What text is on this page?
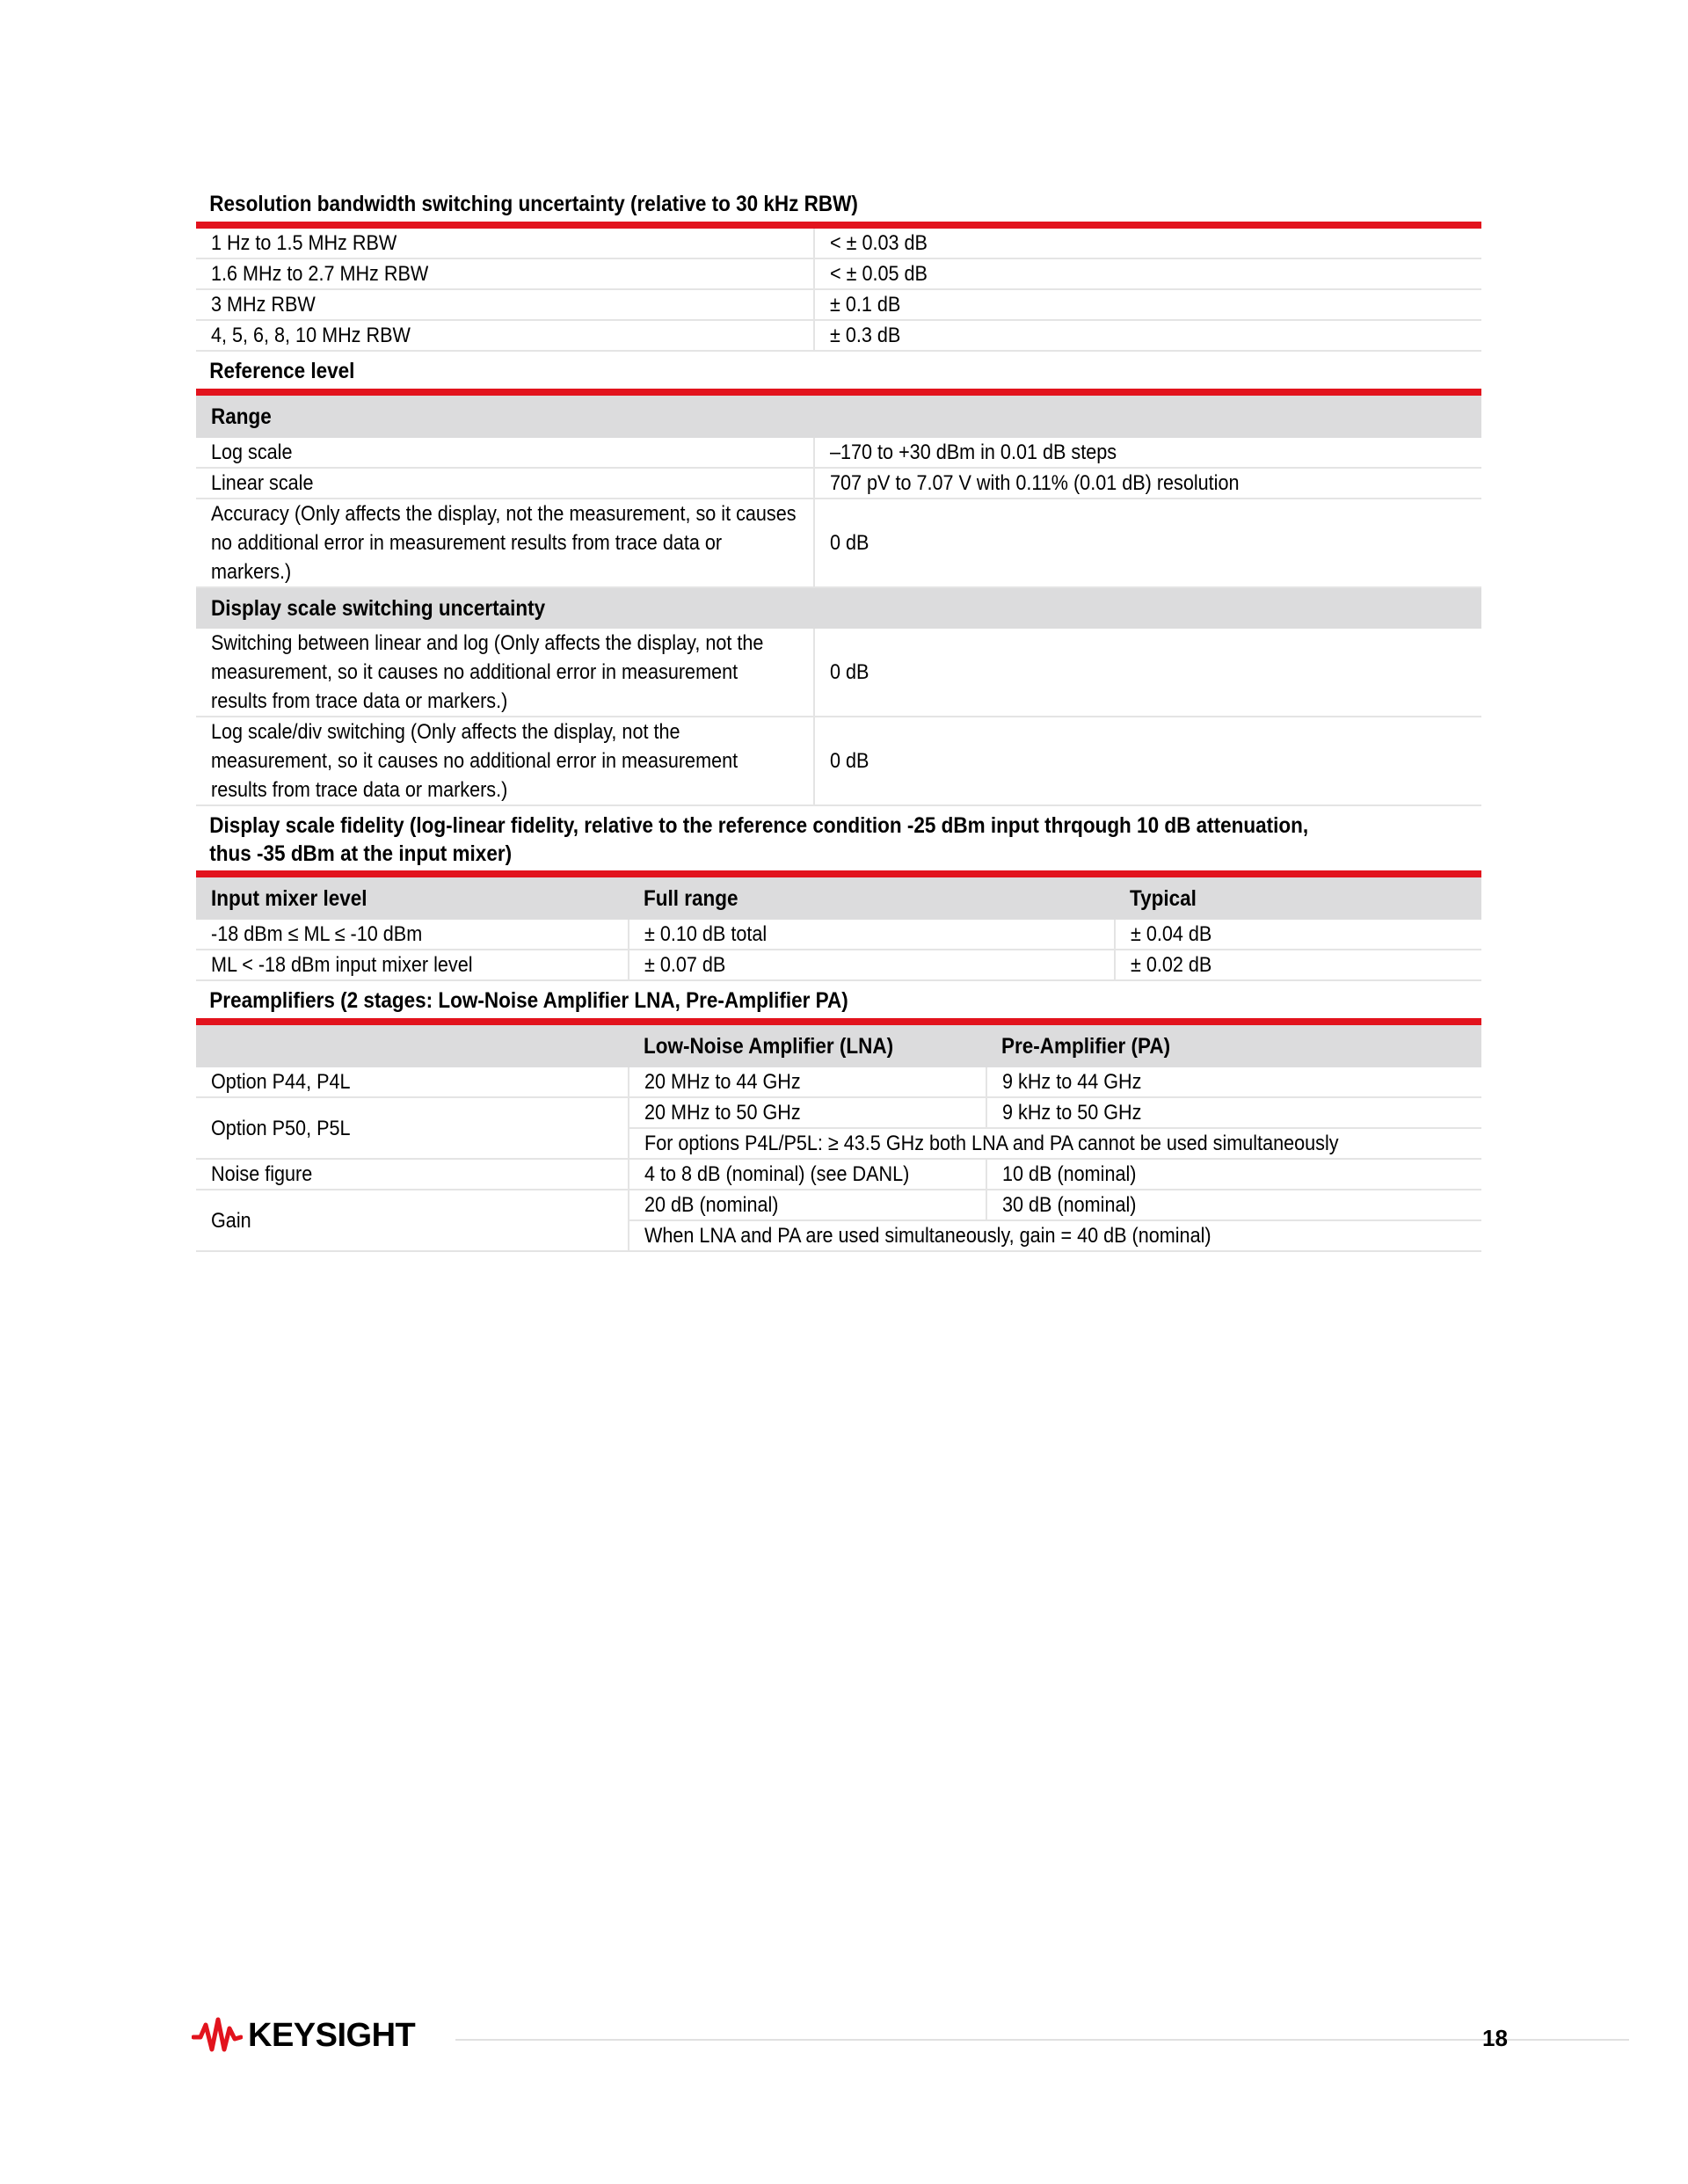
Resolution bandwidth switching uncertainty (relative to 30 kHz RBW)
1 Hz to 1.5 MHz RBW	< ± 0.03 dB
1.6 MHz to 2.7 MHz RBW	< ± 0.05 dB
3 MHz RBW	± 0.1 dB
4, 5, 6, 8, 10 MHz RBW	± 0.3 dB
Reference level
Range	
Log scale	–170 to +30 dBm in 0.01 dB steps
Linear scale	707 pV to 7.07 V with 0.11% (0.01 dB) resolution
Accuracy (Only affects the display, not the measurement, so it causes no additional error in measurement results from trace data or markers.)	0 dB
Display scale switching uncertainty	
Switching between linear and log (Only affects the display, not the measurement, so it causes no additional error in measurement results from trace data or markers.)	0 dB
Log scale/div switching (Only affects the display, not the measurement, so it causes no additional error in measurement results from trace data or markers.)	0 dB
Display scale fidelity (log-linear fidelity, relative to the reference condition -25 dBm input thrqough 10 dB attenuation,
thus -35 dBm at the input mixer)
Input mixer level	Full range	Typical
-18 dBm ≤ ML ≤ -10 dBm	± 0.10 dB total	± 0.04 dB
ML < -18 dBm input mixer level	± 0.07 dB	± 0.02 dB
Preamplifiers (2 stages: Low-Noise Amplifier LNA, Pre-Amplifier PA)
	Low-Noise Amplifier (LNA)	Pre-Amplifier (PA)
Option P44, P4L	20 MHz to 44 GHz	9 kHz to 44 GHz
Option P50, P5L	20 MHz to 50 GHz	9 kHz to 50 GHz
	For options P4L/P5L: ≥ 43.5 GHz both LNA and PA cannot be used simultaneously	
Noise figure	4 to 8 dB (nominal) (see DANL)	10 dB (nominal)
Gain	20 dB (nominal)	30 dB (nominal)
	When LNA and PA are used simultaneously, gain = 40 dB (nominal)	
KEYSIGHT	18
